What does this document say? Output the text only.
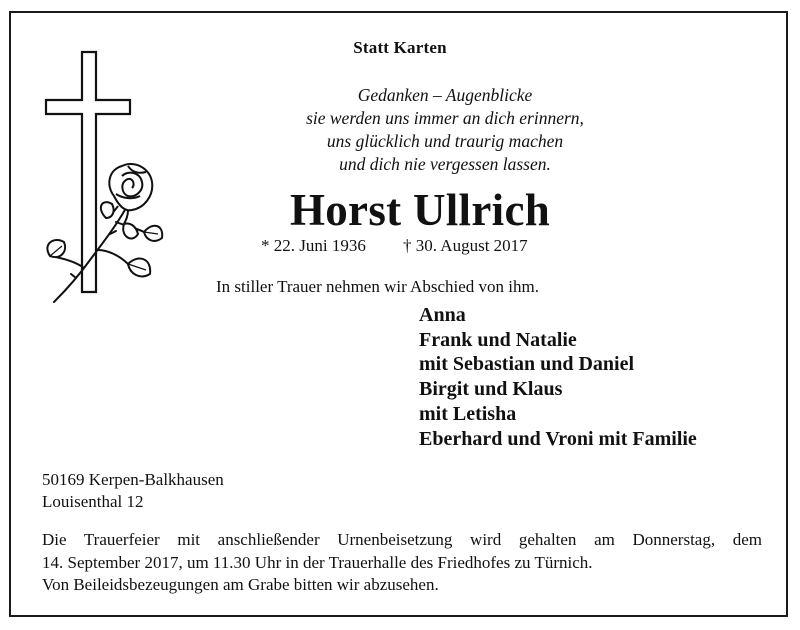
Statt Karten
Gedanken – Augenblicke
sie werden uns immer an dich erinnern,
uns glücklich und traurig machen
und dich nie vergessen lassen.
Horst Ullrich
* 22. Juni 1936 † 30. August 2017
In stiller Trauer nehmen wir Abschied von ihm.
Anna
Frank und Natalie
mit Sebastian und Daniel
Birgit und Klaus
mit Letisha
Eberhard und Vroni mit Familie
50169 Kerpen-Balkhausen
Louisenthal 12
Die Trauerfeier mit anschließender Urnenbeisetzung wird gehalten am Donnerstag, dem
14. September 2017, um 11.30 Uhr in der Trauerhalle des Friedhofes zu Türnich.
Von Beileidsbezeugungen am Grabe bitten wir abzusehen.
